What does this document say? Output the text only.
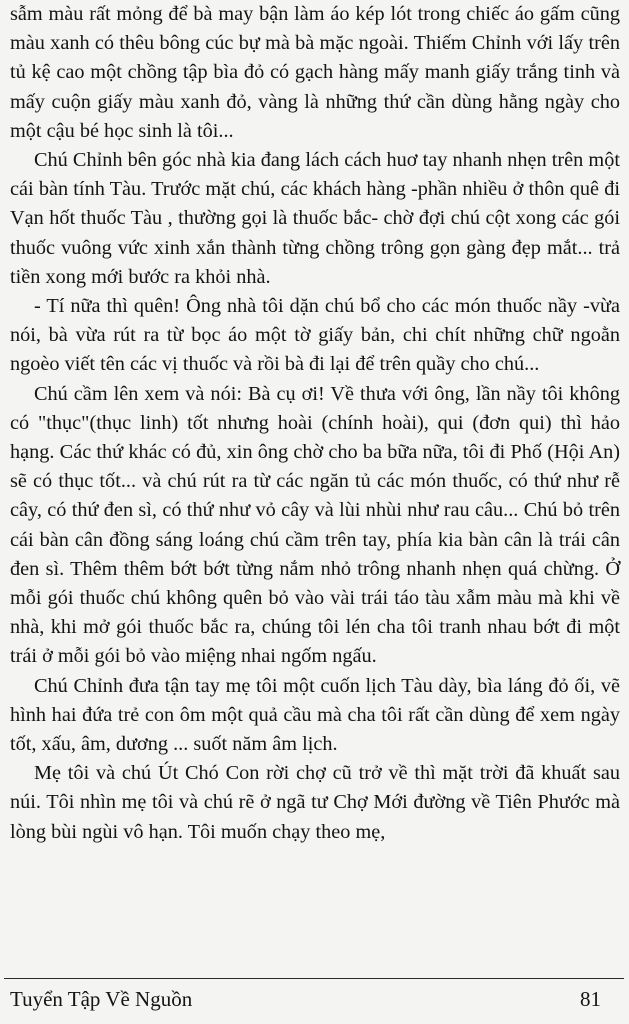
sẫm màu rất mỏng để bà may bận làm áo kép lót trong chiếc áo gấm cũng màu xanh có thêu bông cúc bự mà bà mặc ngoài. Thiếm Chỉnh với lấy trên tủ kệ cao một chồng tập bìa đỏ có gạch hàng mấy manh giấy trắng tinh và mấy cuộn giấy màu xanh đỏ, vàng là những thứ cần dùng hằng ngày cho một cậu bé học sinh là tôi...

Chú Chỉnh bên góc nhà kia đang lách cách huơ tay nhanh nhẹn trên một cái bàn tính Tàu. Trước mặt chú, các khách hàng -phần nhiều ở thôn quê đi Vạn hốt thuốc Tàu , thường gọi là thuốc bắc- chờ đợi chú cột xong các gói thuốc vuông vức xinh xắn thành từng chồng trông gọn gàng đẹp mắt... trả tiền xong mới bước ra khỏi nhà.

- Tí nữa thì quên! Ông nhà tôi dặn chú bổ cho các món thuốc nầy -vừa nói, bà vừa rút ra từ bọc áo một tờ giấy bản, chi chít những chữ ngoằn ngoèo viết tên các vị thuốc và rồi bà đi lại để trên quầy cho chú...

Chú cầm lên xem và nói: Bà cụ ơi! Về thưa với ông, lần nầy tôi không có "thục"(thục linh) tốt nhưng hoài (chính hoài), qui (đơn qui) thì hảo hạng. Các thứ khác có đủ, xin ông chờ cho ba bữa nữa, tôi đi Phố (Hội An) sẽ có thục tốt... và chú rút ra từ các ngăn tủ các món thuốc, có thứ như rễ cây, có thứ đen sì, có thứ như vỏ cây và lùi nhùi như rau câu... Chú bỏ trên cái bàn cân đồng sáng loáng chú cầm trên tay, phía kia bàn cân là trái cân đen sì. Thêm thêm bớt bớt từng nắm nhỏ trông nhanh nhẹn quá chừng. Ở mỗi gói thuốc chú không quên bỏ vào vài trái táo tàu xẫm màu mà khi về nhà, khi mở gói thuốc bắc ra, chúng tôi lén cha tôi tranh nhau bớt đi một trái ở mỗi gói bỏ vào miệng nhai ngốm ngấu.

Chú Chỉnh đưa tận tay mẹ tôi một cuốn lịch Tàu dày, bìa láng đỏ ối, vẽ hình hai đứa trẻ con ôm một quả cầu mà cha tôi rất cần dùng để xem ngày tốt, xấu, âm, dương ... suốt năm âm lịch.

Mẹ tôi và chú Út Chó Con rời chợ cũ trở về thì mặt trời đã khuất sau núi. Tôi nhìn mẹ tôi và chú rẽ ở ngã tư Chợ Mới đường về Tiên Phước mà lòng bùi ngùi vô hạn. Tôi muốn chạy theo mẹ,

Tuyển Tập Về Nguồn	81
